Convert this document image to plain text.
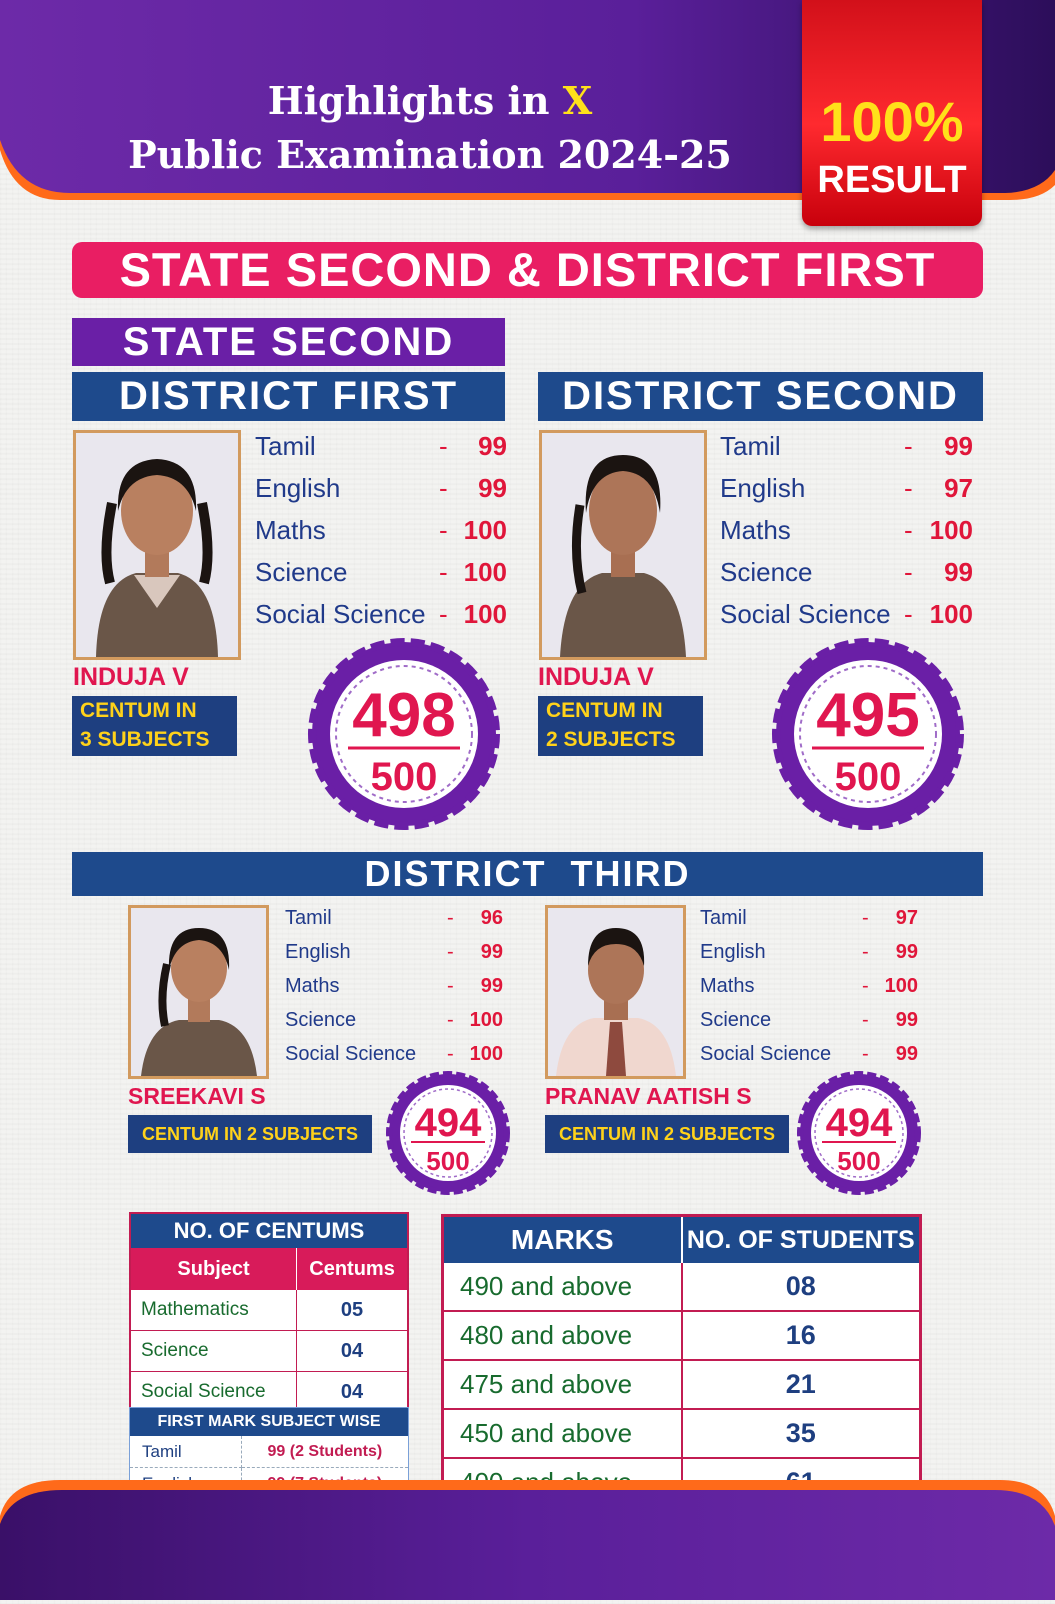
Highlights in X
Public Examination 2024-25
100%
RESULT
STATE SECOND & DISTRICT FIRST
STATE SECOND
DISTRICT FIRST
Tamil	- 99
English	- 99
Maths	- 100
Science	- 100
Social Science - 100
INDUJA V
CENTUM IN
3 SUBJECTS	498
500
DISTRICT SECOND
Tamil	- 99
English	- 97
Maths	- 100
Science	- 99
Social Science - 100
INDUJA V
CENTUM IN
2 SUBJECTS	495
500
DISTRICT  THIRD
Tamil	- 96
English	- 99
Maths	- 99
Science	- 100
Social Science - 100
SREEKAVI S
CENTUM IN 2 SUBJECTS	494
500
Tamil	- 97
English	- 99
Maths	- 100
Science	- 99
Social Science - 99
PRANAV AATISH S
CENTUM IN 2 SUBJECTS	494
500
NO. OF CENTUMS
Subject	Centums
Mathematics	05
Science	04
Social Science	04
FIRST MARK SUBJECT WISE
Tamil	99 (2 Students)

MARKS	NO. OF STUDENTS
490 and above	08
480 and above	16
475 and above	21
450 and above	35
